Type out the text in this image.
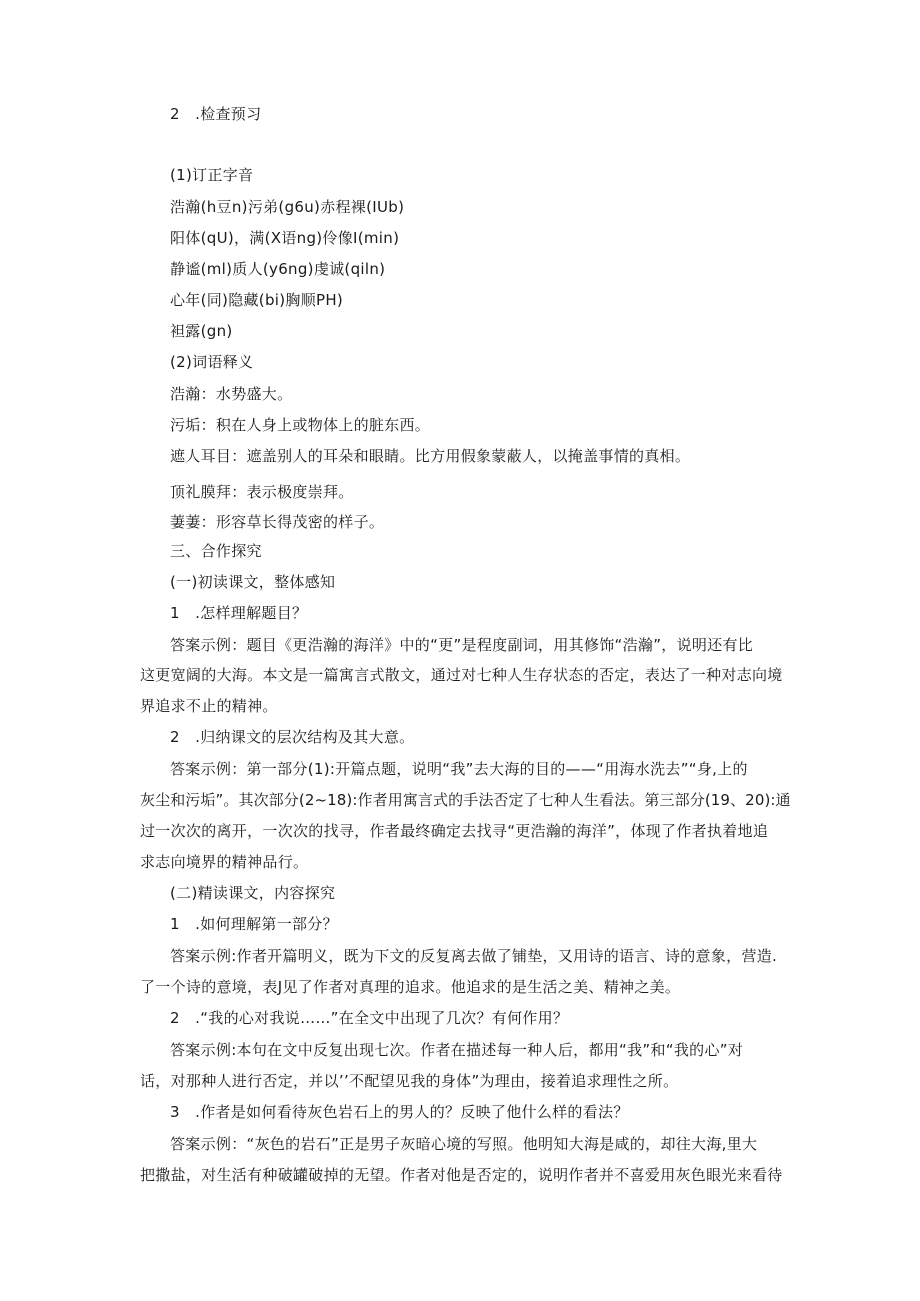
2　.检查预习
(1)订正字音
浩瀚(h豆n)污弟(g6u)赤程裸(IUb)
阳体(qU)，满(X语ng)伶像I(min)
静谧(ml)质人(y6ng)虔诚(qiln)
心年(同)隐藏(bi)胸顺PH)
袒露(gn)
(2)词语释义
浩瀚：水势盛大。
污垢：积在人身上或物体上的脏东西。
遮人耳目：遮盖别人的耳朵和眼睛。比方用假象蒙蔽人，以掩盖事情的真相。
顶礼膜拜：表示极度崇拜。
萋萋：形容草长得茂密的样子。
三、合作探究
(一)初读课文，整体感知
1　.怎样理解题目？
答案示例：题目《更浩瀚的海洋》中的“更”是程度副词，用其修饰“浩瀚”，说明还有比
这更宽阔的大海。本文是一篇寓言式散文，通过对七种人生存状态的否定，表达了一种对志向境
界追求不止的精神。
2　.归纳课文的层次结构及其大意。
答案示例：第一部分(1):开篇点题，说明“我”去大海的目的——“用海水洗去”“身,上的
灰尘和污垢”。其次部分(2~18):作者用寓言式的手法否定了七种人生看法。第三部分(19、20):通
过一次次的离开，一次次的找寻，作者最终确定去找寻“更浩瀚的海洋”，体现了作者执着地追
求志向境界的精神品行。
(二)精读课文，内容探究
1　.如何理解第一部分？
答案示例:作者开篇明义，既为下文的反复离去做了铺垫，又用诗的语言、诗的意象，营造.
了一个诗的意境，表J见了作者对真理的追求。他追求的是生活之美、精神之美。
2　.“我的心对我说……”在全文中出现了几次？有何作用？
答案示例:本句在文中反复出现七次。作者在描述每一种人后，都用“我”和“我的心”对
话，对那种人进行否定，并以’’不配望见我的身体”为理由，接着追求理性之所。
3　.作者是如何看待灰色岩石上的男人的？反映了他什么样的看法？
答案示例：“灰色的岩石”正是男子灰暗心境的写照。他明知大海是咸的，却往大海,里大
把撒盐，对生活有种破罐破掉的无望。作者对他是否定的，说明作者并不喜爱用灰色眼光来看待
